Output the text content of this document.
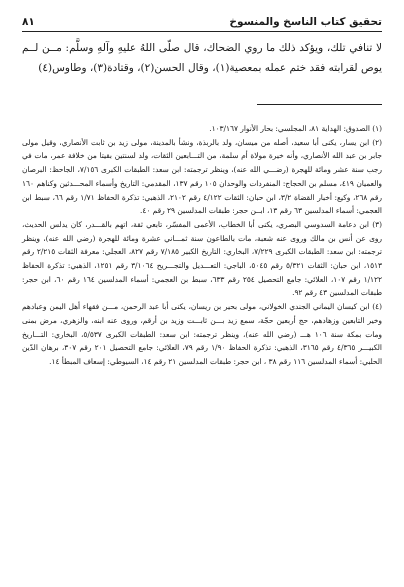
تحقيق كتاب الناسخ والمنسوخ
٨١

لا تنافي تلك، ويؤكد ذلك ما روي الضحاك، قال صلّى اللهُ عليهِ وآلهِ وسلَّم: مــن لــم يوص لقرابته فقد ختم عمله بمعصية(١)، وقال الحسن(٢)، وقتادة(٣)، وطاوس(٤)

(١) الصدوق: الهداية ٨١، المجلسي: بحار الأنوار ١٠٣/١٦٧.

(٢) ابن يسار، يكنى أبا سعيد، أصله من ميسان، ولد بالربذة، ونشأ بالمدينة، مولى زيد بن ثابت الأنصاري، وقيل مولى جابر بن عبد الله الأنصاري، وأنه خيرة مولاة أم سلمة، من التـــابعين الثقات، ولد لسنتين بقيتا من خلافة عمر، مات في رجب سنة عشر ومائة للهجرة (رضـــي الله عنه)، وينظر ترجمته: ابن سعد: الطبقات الكبرى ٧/١٥٦، الجاحظ: البرصان والعميان ٤١٩، مسلم بن الحجاج: المنفردات والوحدان ١٠٥ رقم ١٣٧، المقدمي: التاريخ وأسماء المحـــدثين وكناهم ١٦٠ رقم ٢٦٨، وكيع: أخبار القضاة ٣/٢، ابن حبان: الثقات ٤/١٢٢ رقم ٢١٠٢، الذهبي: تذكرة الحفاظ ١/٧١ رقم ٦٦، سبط ابن العجمي: أسماء المدلسين ٦٣ رقم ١٣، ابــن حجر: طبقات المدلسين ٢٩ رقم ٤٠.

(٣) ابن دعامة السدوسي البصري، يكنى أبا الخطاب، الأعمى المفسّر، تابعي ثقة، اتهم بالقـــدر، كان يدلس الحديث، روى عن أنس بن مالك وروى عنه شعبة، مات بالطاعون سنة ثمـــاني عشرة ومائة للهجرة (رضي الله عنه)، وينظر ترجمته: ابن سعد: الطبقات الكبرى ٧/٢٢٩، البخاري: التاريخ الكبير ٧/١٨٥ رقم ٨٢٧، العجلي: معرفة الثقات ٢/٢١٥ رقم ١٥١٣، ابن حبان: الثقات ٥/٣٢١ رقم ٥٠٤٥، الباجي: التعـــديل والتجـــريح ٣/١٠٦٤ رقم ١٢٥١، الذهبي: تذكرة الحفاظ ١/١٢٢ رقم ١٠٧، العلائي: جامع التحصيل ٢٥٤ رقم ٦٣٣، سبط بن العجمي: أسماء المدلسين ١٦٤ رقم ٦٠، ابن حجر: طبقات المدلسين ٤٣ رقم ٩٢.

(٤) ابن كيسان اليماني الجندي الخولاني، مولى بحير بن ريسان، يكنى أبا عبد الرحمن، مـــن فقهاء أهل اليمن وعبادهم وخير التابعين وزهادهم، حج أربعين حجّة، سمع زيد بـــن ثابـــت وزيد بن أرقم، وروى عنه ابنه، والزهري، مرض بمنى ومات بمكة سنة ١٠٦ هـــ (رضي الله عنه)، وينظر ترجمته: ابن سعد: الطبقات الكبرى ٥/٥٣٧، البخاري: التـــاريخ الكبيـــر ٤/٣٦٥ رقم ٣١٦٥، الذهبي: تذكرة الحفاظ ١/٩٠ رقم ٧٩، العلائي: جامع التحصيل ٢٠١ رقم ٣٠٧، برهان الدّين الحلبي: أسماء المدلسين ١١٦ رقم ٣٨ ، ابن حجر: طبقات المدلسين ٢١ رقم ١٤، السيوطي: إسعاف المبطأ ١٤.
